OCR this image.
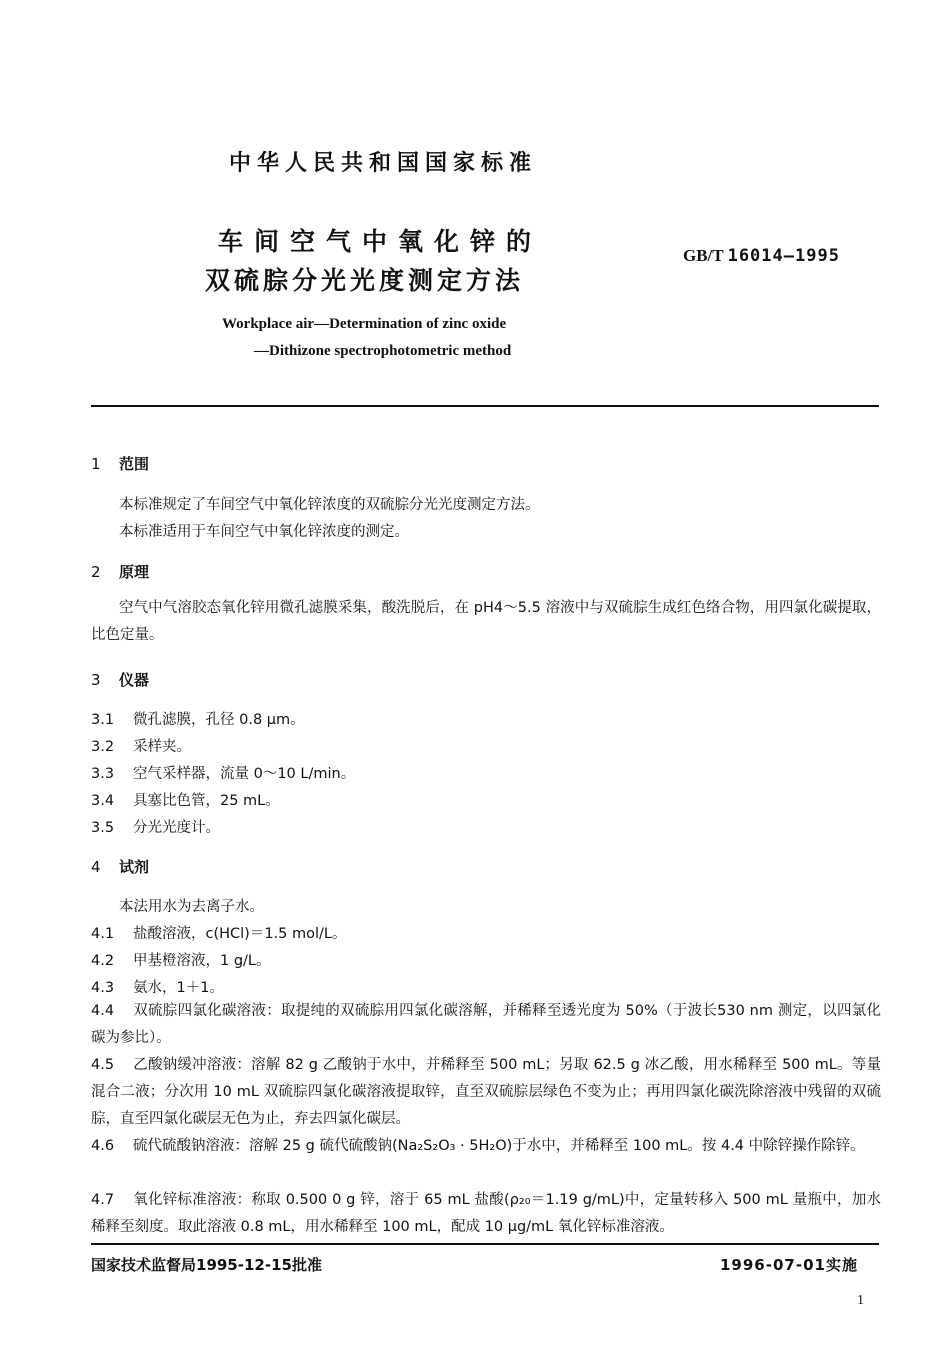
中华人民共和国国家标准
车间空气中氧化锌的
双硫腙分光光度测定方法
GB/T 16014—1995
Workplace air—Determination of zinc oxide
—Dithizone spectrophotometric method
1 范围
本标准规定了车间空气中氧化锌浓度的双硫腙分光光度测定方法。
本标准适用于车间空气中氧化锌浓度的测定。
2 原理
空气中气溶胶态氧化锌用微孔滤膜采集，酸洗脱后，在 pH4～5.5 溶液中与双硫腙生成红色络合物，用四氯化碳提取，比色定量。
3 仪器
3.1 微孔滤膜，孔径 0.8 μm。
3.2 采样夹。
3.3 空气采样器，流量 0～10 L/min。
3.4 具塞比色管，25 mL。
3.5 分光光度计。
4 试剂
本法用水为去离子水。
4.1 盐酸溶液，c(HCl)＝1.5 mol/L。
4.2 甲基橙溶液，1 g/L。
4.3 氨水，1＋1。
4.4 双硫腙四氯化碳溶液：取提纯的双硫腙用四氯化碳溶解，并稀释至透光度为 50%（于波长530 nm 测定，以四氯化碳为参比）。
4.5 乙酸钠缓冲溶液：溶解 82 g 乙酸钠于水中，并稀释至 500 mL；另取 62.5 g 冰乙酸，用水稀释至 500 mL。等量混合二液；分次用 10 mL 双硫腙四氯化碳溶液提取锌，直至双硫腙层绿色不变为止；再用四氯化碳洗除溶液中残留的双硫腙，直至四氯化碳层无色为止，弃去四氯化碳层。
4.6 硫代硫酸钠溶液：溶解 25 g 硫代硫酸钠(Na₂S₂O₃ · 5H₂O)于水中，并稀释至 100 mL。按 4.4 中除锌操作除锌。
4.7 氧化锌标准溶液：称取 0.500 0 g 锌，溶于 65 mL 盐酸(ρ₂₀＝1.19 g/mL)中，定量转移入 500 mL 量瓶中，加水稀释至刻度。取此溶液 0.8 mL，用水稀释至 100 mL，配成 10 μg/mL 氧化锌标准溶液。
国家技术监督局1995-12-15批准	1996-07-01实施
1
